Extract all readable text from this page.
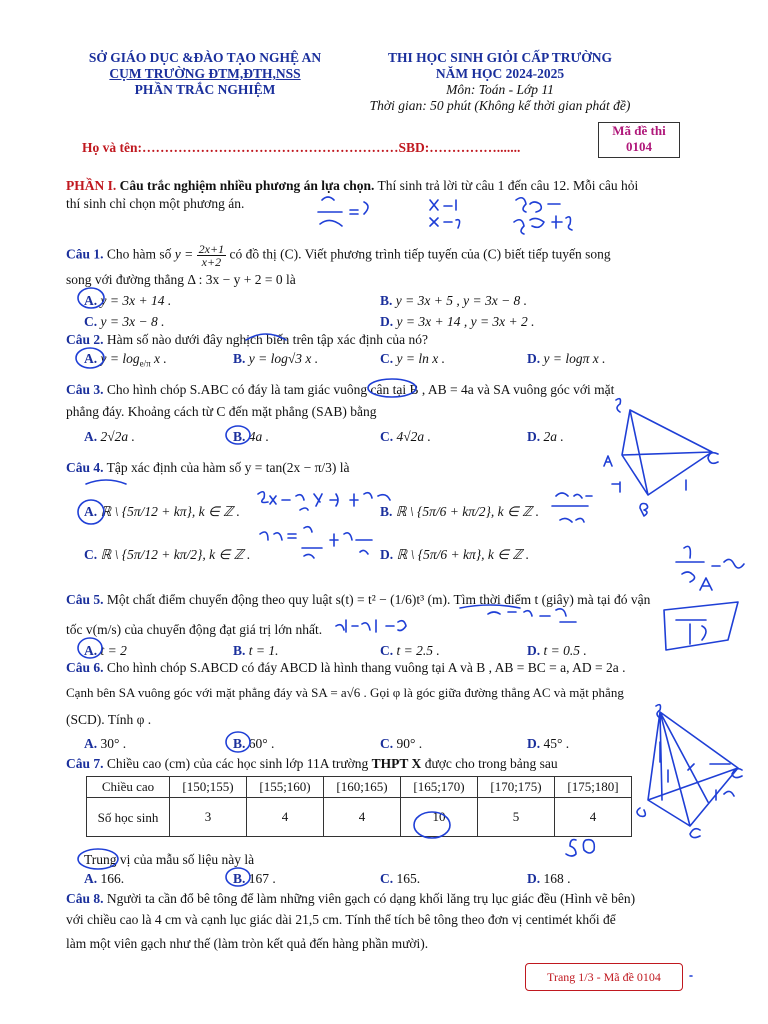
SỞ GIÁO DỤC &ĐÀO TẠO NGHỆ AN
CỤM TRƯỜNG ĐTM,ĐTH,NSS
PHẦN TRẮC NGHIỆM
THI HỌC SINH GIỎI CẤP TRƯỜNG
NĂM HỌC 2024-2025
Môn: Toán - Lớp 11
Thời gian: 50 phút (Không kể thời gian phát đề)
Mã đề thi
0104
Họ và tên:…………………………………………………SBD:…………….......
PHẦN I. Câu trắc nghiệm nhiều phương án lựa chọn. Thí sinh trả lời từ câu 1 đến câu 12. Mỗi câu hỏi
thí sinh chỉ chọn một phương án.
Câu 1. Cho hàm số $y = \frac{2x+1}{x+2}$ có đồ thị (C). Viết phương trình tiếp tuyến của (C) biết tiếp tuyến song
song với đường thẳng Δ : 3x − y + 2 = 0 là
A. y = 3x + 14 .	B. y = 3x + 5 , y = 3x − 8 .
C. y = 3x − 8 .	D. y = 3x + 14 , y = 3x + 2 .
Câu 2. Hàm số nào dưới đây nghịch biến trên tập xác định của nó?
A. $y = \log_{e/\pi} x$ .	B. y = log√3 x .	C. y = ln x .	D. y = logπ x .
Câu 3. Cho hình chóp S.ABC có đáy là tam giác vuông cân tại B , AB = 4a và SA vuông góc với mặt
phẳng đáy. Khoảng cách từ C đến mặt phẳng (SAB) bằng
A. 2√2a .	B. 4a .	C. 4√2a .	D. 2a .
Câu 4. Tập xác định của hàm số y = tan(2x − π/3) là
A. ℝ \ {5π/12 + kπ}, k ∈ ℤ .	B. ℝ \ {5π/6 + kπ/2}, k ∈ ℤ .
C. ℝ \ {5π/12 + kπ/2}, k ∈ ℤ .	D. ℝ \ {5π/6 + kπ}, k ∈ ℤ .
Câu 5. Một chất điểm chuyển động theo quy luật s(t) = t² − (1/6)t³ (m). Tìm thời điểm t (giây) mà tại đó vận
tốc v(m/s) của chuyển động đạt giá trị lớn nhất.
A. t = 2	B. t = 1.	C. t = 2.5 .	D. t = 0.5 .
Câu 6. Cho hình chóp S.ABCD có đáy ABCD là hình thang vuông tại A và B , AB = BC = a, AD = 2a .
Cạnh bên SA vuông góc với mặt phẳng đáy và SA = a√6 . Gọi φ là góc giữa đường thẳng AC và mặt phẳng
(SCD). Tính φ .
A. 30° .	B. 60° .	C. 90° .	D. 45° .
Câu 7. Chiều cao (cm) của các học sinh lớp 11A trường THPT X được cho trong bảng sau
Chiều cao	[150;155)	[155;160)	[160;165)	[165;170)	[170;175)	[175;180]
Số học sinh	3	4	4	10	5	4
Trung vị của mẫu số liệu này là
A. 166.	B. 167 .	C. 165.	D. 168 .
Câu 8. Người ta cần đổ bê tông để làm những viên gạch có dạng khối lăng trụ lục giác đều (Hình vẽ bên)
với chiều cao là 4 cm và cạnh lục giác dài 21,5 cm. Tính thể tích bê tông theo đơn vị centimét khối để
làm một viên gạch như thế (làm tròn kết quả đến hàng phần mười).
Trang 1/3 - Mã đề 0104
